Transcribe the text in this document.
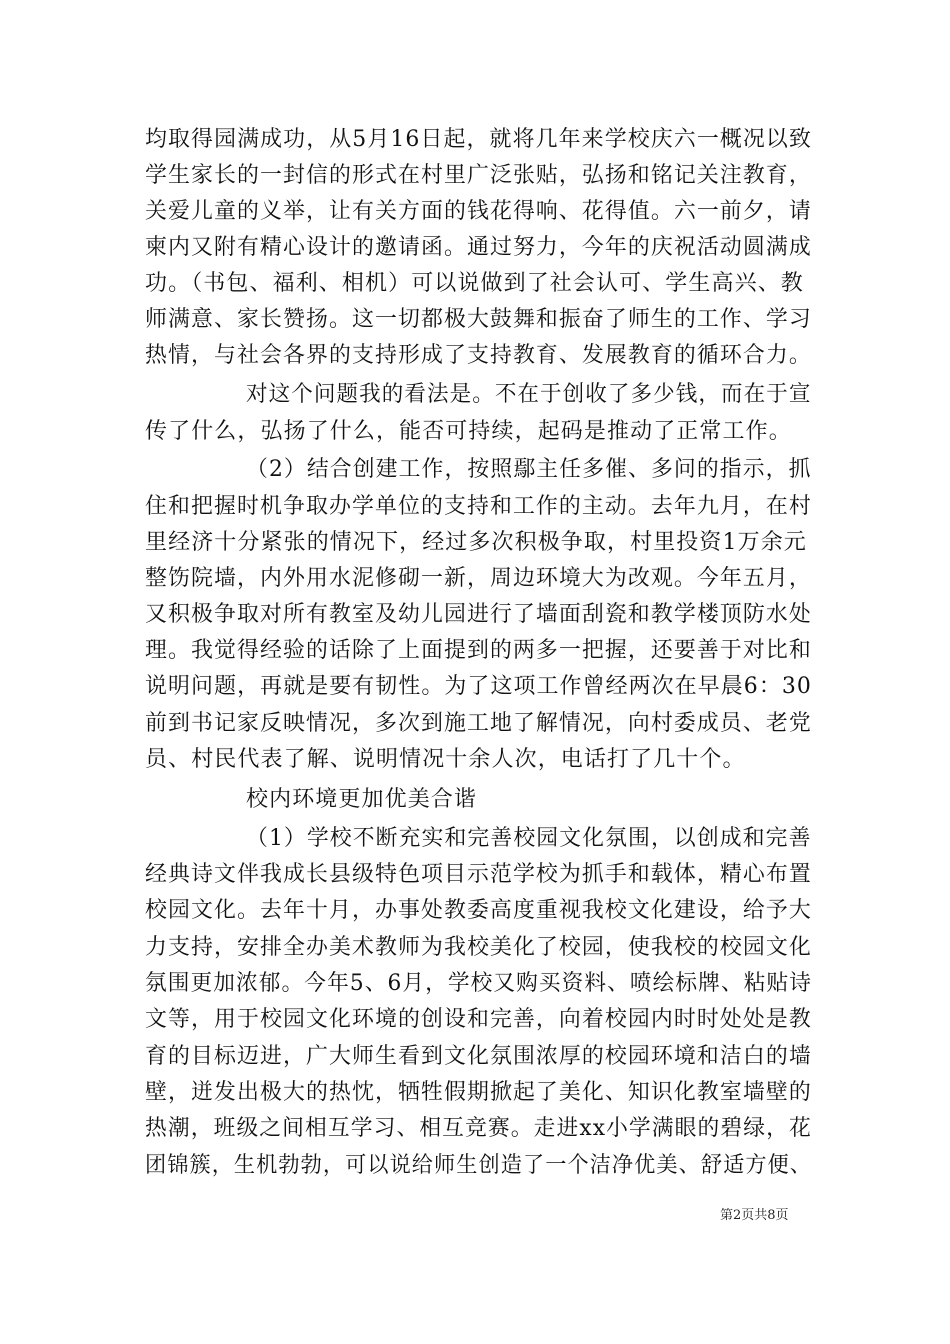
均取得园满成功，从5月16日起，就将几年来学校庆六一概况以致
学生家长的一封信的形式在村里广泛张贴，弘扬和铭记关注教育，
关爱儿童的义举，让有关方面的钱花得响、花得值。六一前夕，请
柬内又附有精心设计的邀请函。通过努力，今年的庆祝活动圆满成
功。（书包、福利、相机）可以说做到了社会认可、学生高兴、教
师满意、家长赞扬。这一切都极大鼓舞和振奋了师生的工作、学习
热情，与社会各界的支持形成了支持教育、发展教育的循环合力。
对这个问题我的看法是。不在于创收了多少钱，而在于宣
传了什么，弘扬了什么，能否可持续，起码是推动了正常工作。
（2）结合创建工作，按照鄢主任多催、多问的指示，抓
住和把握时机争取办学单位的支持和工作的主动。去年九月，在村
里经济十分紧张的情况下，经过多次积极争取，村里投资1万余元
整饬院墙，内外用水泥修砌一新，周边环境大为改观。今年五月，
又积极争取对所有教室及幼儿园进行了墙面刮瓷和教学楼顶防水处
理。我觉得经验的话除了上面提到的两多一把握，还要善于对比和
说明问题，再就是要有韧性。为了这项工作曾经两次在早晨6：30
前到书记家反映情况，多次到施工地了解情况，向村委成员、老党
员、村民代表了解、说明情况十余人次，电话打了几十个。
校内环境更加优美合谐
（1）学校不断充实和完善校园文化氛围，以创成和完善
经典诗文伴我成长县级特色项目示范学校为抓手和载体，精心布置
校园文化。去年十月，办事处教委高度重视我校文化建设，给予大
力支持，安排全办美术教师为我校美化了校园，使我校的校园文化
氛围更加浓郁。今年5、6月，学校又购买资料、喷绘标牌、粘贴诗
文等，用于校园文化环境的创设和完善，向着校园内时时处处是教
育的目标迈进，广大师生看到文化氛围浓厚的校园环境和洁白的墙
壁，迸发出极大的热忱，牺牲假期掀起了美化、知识化教室墙壁的
热潮，班级之间相互学习、相互竞赛。走进xx小学满眼的碧绿，花
团锦簇，生机勃勃，可以说给师生创造了一个洁净优美、舒适方便、
第2页共8页
